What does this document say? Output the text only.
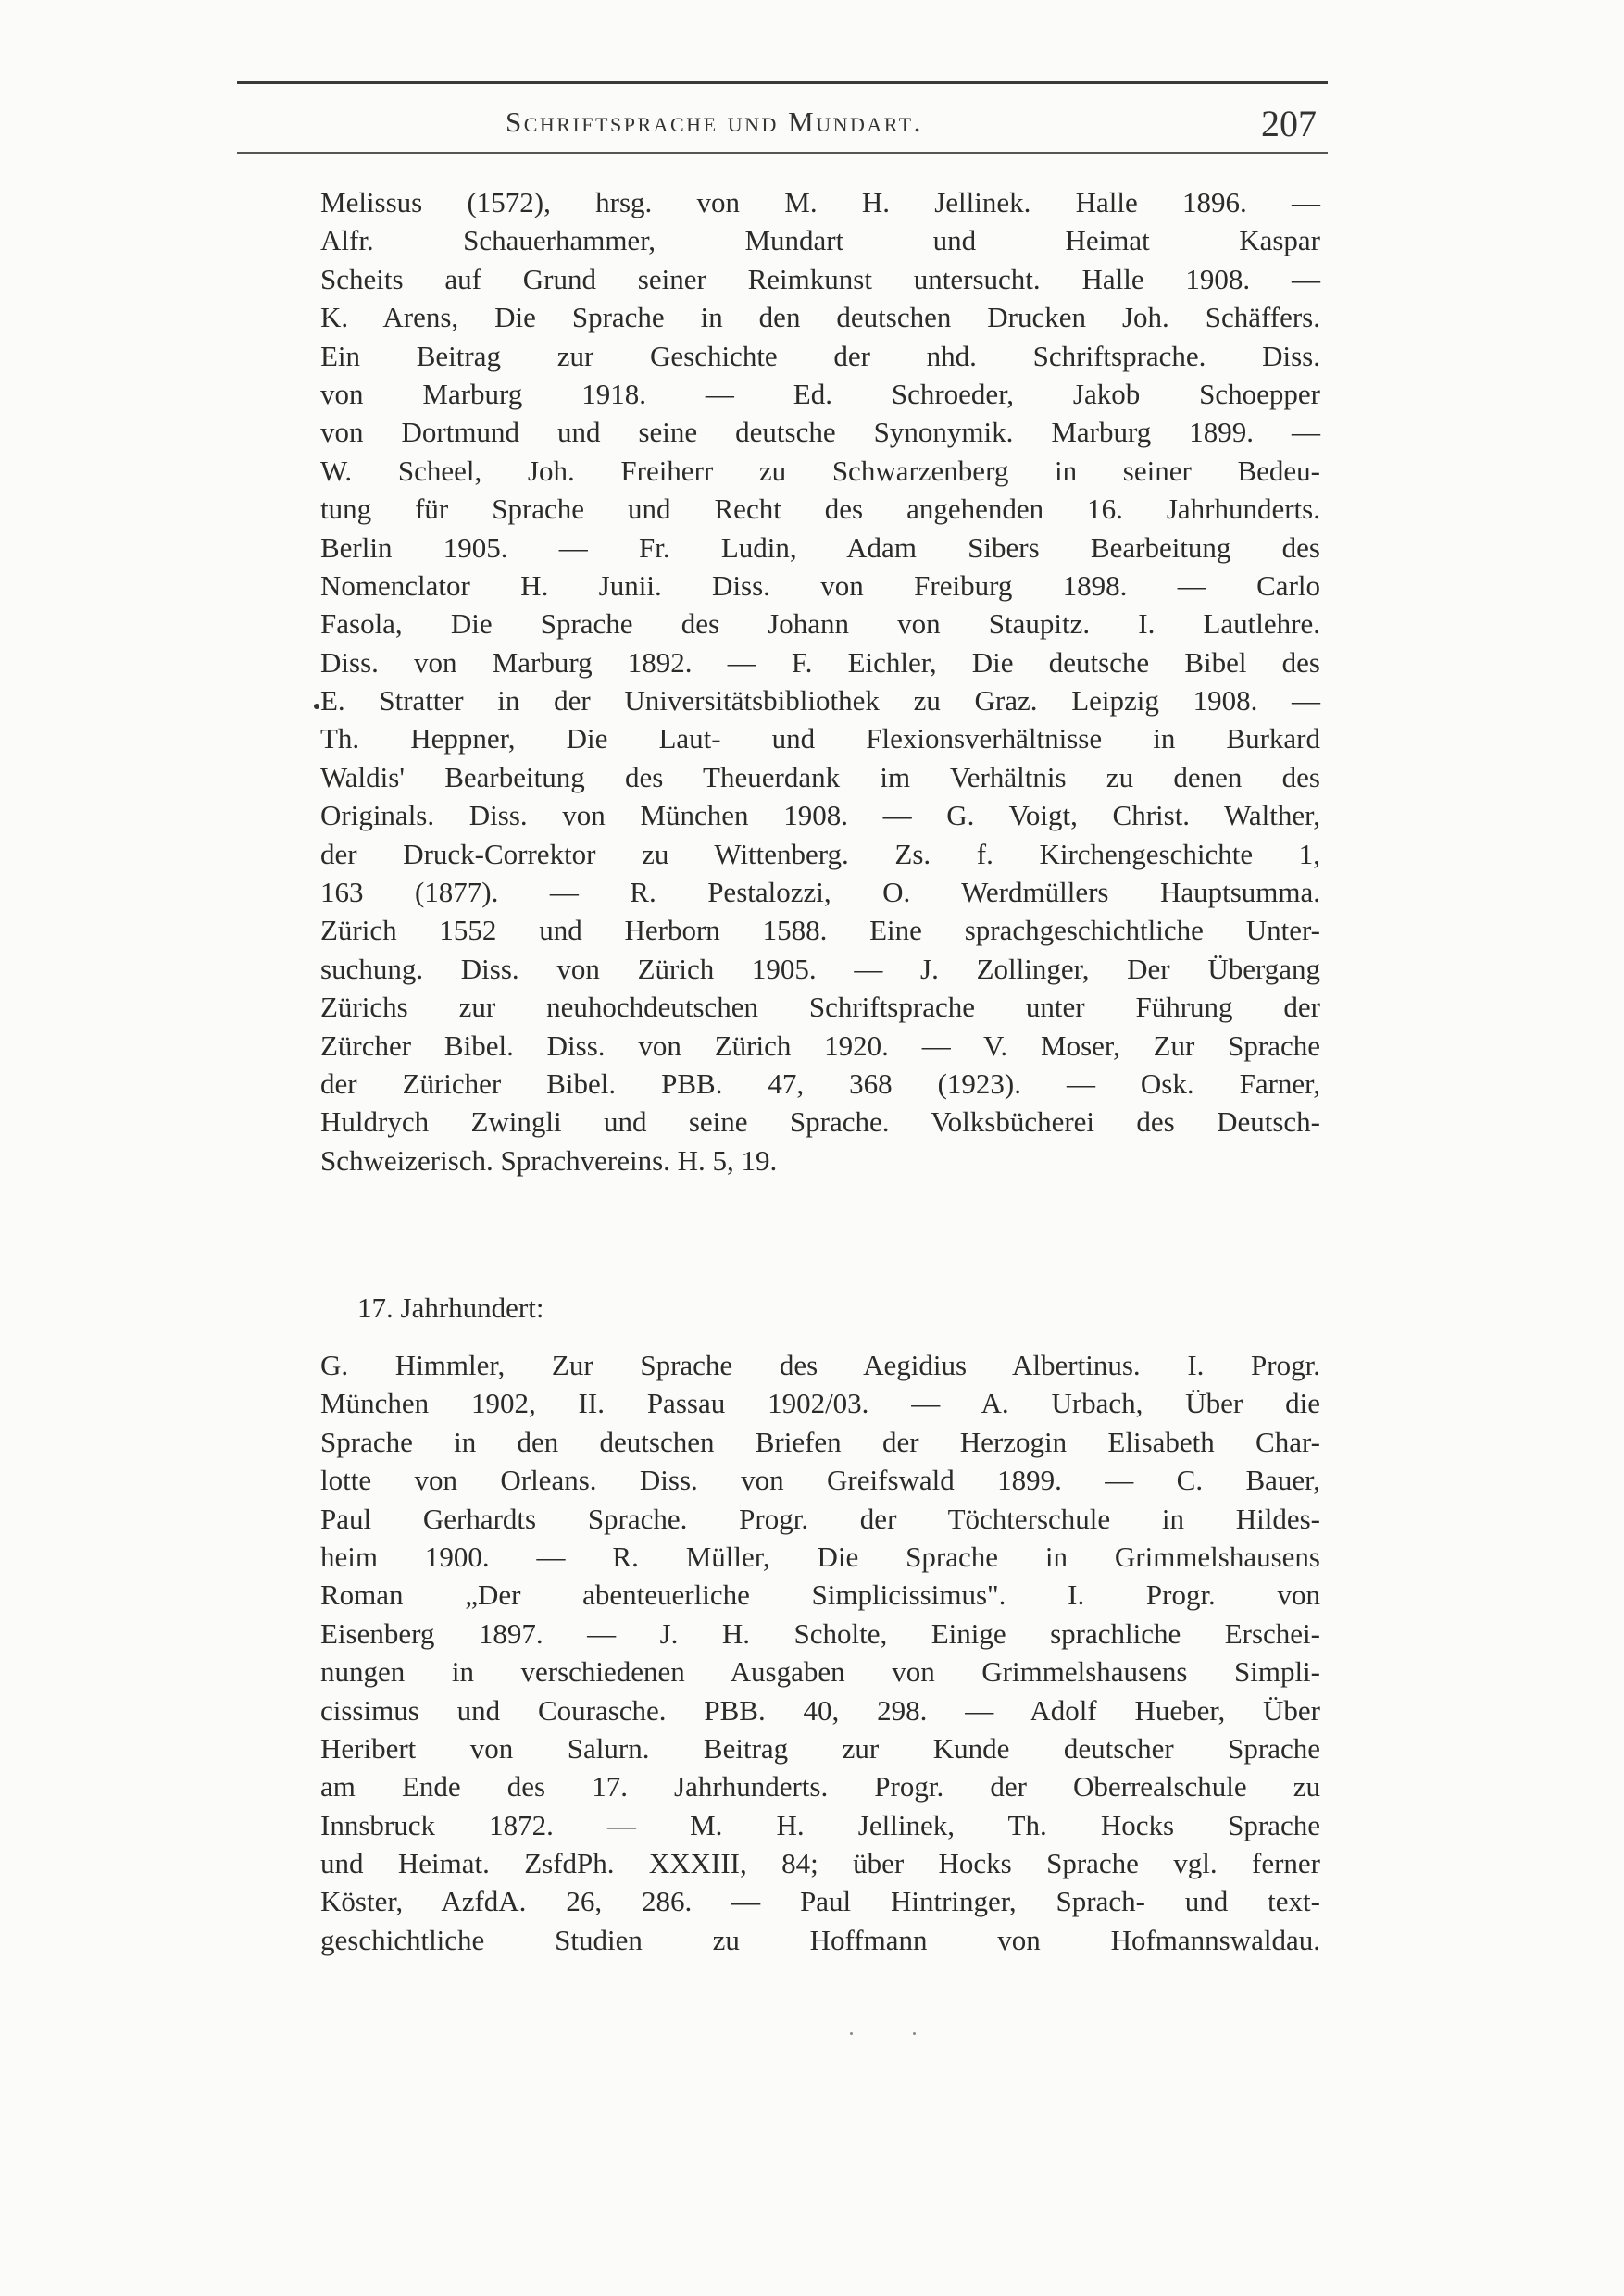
Schriftsprache und Mundart.	207
Melissus (1572), hrsg. von M. H. Jellinek. Halle 1896. —
Alfr. Schauerhammer, Mundart und Heimat Kaspar
Scheits auf Grund seiner Reimkunst untersucht. Halle 1908. —
K. Arens, Die Sprache in den deutschen Drucken Joh. Schäffers.
Ein Beitrag zur Geschichte der nhd. Schriftsprache. Diss.
von Marburg 1918. — Ed. Schroeder, Jakob Schoepper
von Dortmund und seine deutsche Synonymik. Marburg 1899. —
W. Scheel, Joh. Freiherr zu Schwarzenberg in seiner Bedeu-
tung für Sprache und Recht des angehenden 16. Jahrhunderts.
Berlin 1905. — Fr. Ludin, Adam Sibers Bearbeitung des
Nomenclator H. Junii. Diss. von Freiburg 1898. — Carlo
Fasola, Die Sprache des Johann von Staupitz. I. Lautlehre.
Diss. von Marburg 1892. — F. Eichler, Die deutsche Bibel des
E. Stratter in der Universitätsbibliothek zu Graz. Leipzig 1908. —
Th. Heppner, Die Laut- und Flexionsverhältnisse in Burkard
Waldis' Bearbeitung des Theuerdank im Verhältnis zu denen des
Originals. Diss. von München 1908. — G. Voigt, Christ. Walther,
der Druck-Correktor zu Wittenberg. Zs. f. Kirchengeschichte 1,
163 (1877). — R. Pestalozzi, O. Werdmüllers Hauptsumma.
Zürich 1552 und Herborn 1588. Eine sprachgeschichtliche Unter-
suchung. Diss. von Zürich 1905. — J. Zollinger, Der Übergang
Zürichs zur neuhochdeutschen Schriftsprache unter Führung der
Zürcher Bibel. Diss. von Zürich 1920. — V. Moser, Zur Sprache
der Züricher Bibel. PBB. 47, 368 (1923). — Osk. Farner,
Huldrych Zwingli und seine Sprache. Volksbücherei des Deutsch-
Schweizerisch. Sprachvereins. H. 5, 19.
17. Jahrhundert:
G. Himmler, Zur Sprache des Aegidius Albertinus. I. Progr.
München 1902, II. Passau 1902/03. — A. Urbach, Über die
Sprache in den deutschen Briefen der Herzogin Elisabeth Char-
lotte von Orleans. Diss. von Greifswald 1899. — C. Bauer,
Paul Gerhardts Sprache. Progr. der Töchterschule in Hildes-
heim 1900. — R. Müller, Die Sprache in Grimmelshausens
Roman „Der abenteuerliche Simplicissimus". I. Progr. von
Eisenberg 1897. — J. H. Scholte, Einige sprachliche Erschei-
nungen in verschiedenen Ausgaben von Grimmelshausens Simpli-
cissimus und Courasche. PBB. 40, 298. — Adolf Hueber, Über
Heribert von Salurn. Beitrag zur Kunde deutscher Sprache
am Ende des 17. Jahrhunderts. Progr. der Oberrealschule zu
Innsbruck 1872. — M. H. Jellinek, Th. Hocks Sprache
und Heimat. ZsfdPh. XXXIII, 84; über Hocks Sprache vgl. ferner
Köster, AzfdA. 26, 286. — Paul Hintringer, Sprach- und text-
geschichtliche Studien zu Hoffmann von Hofmannswaldau.
